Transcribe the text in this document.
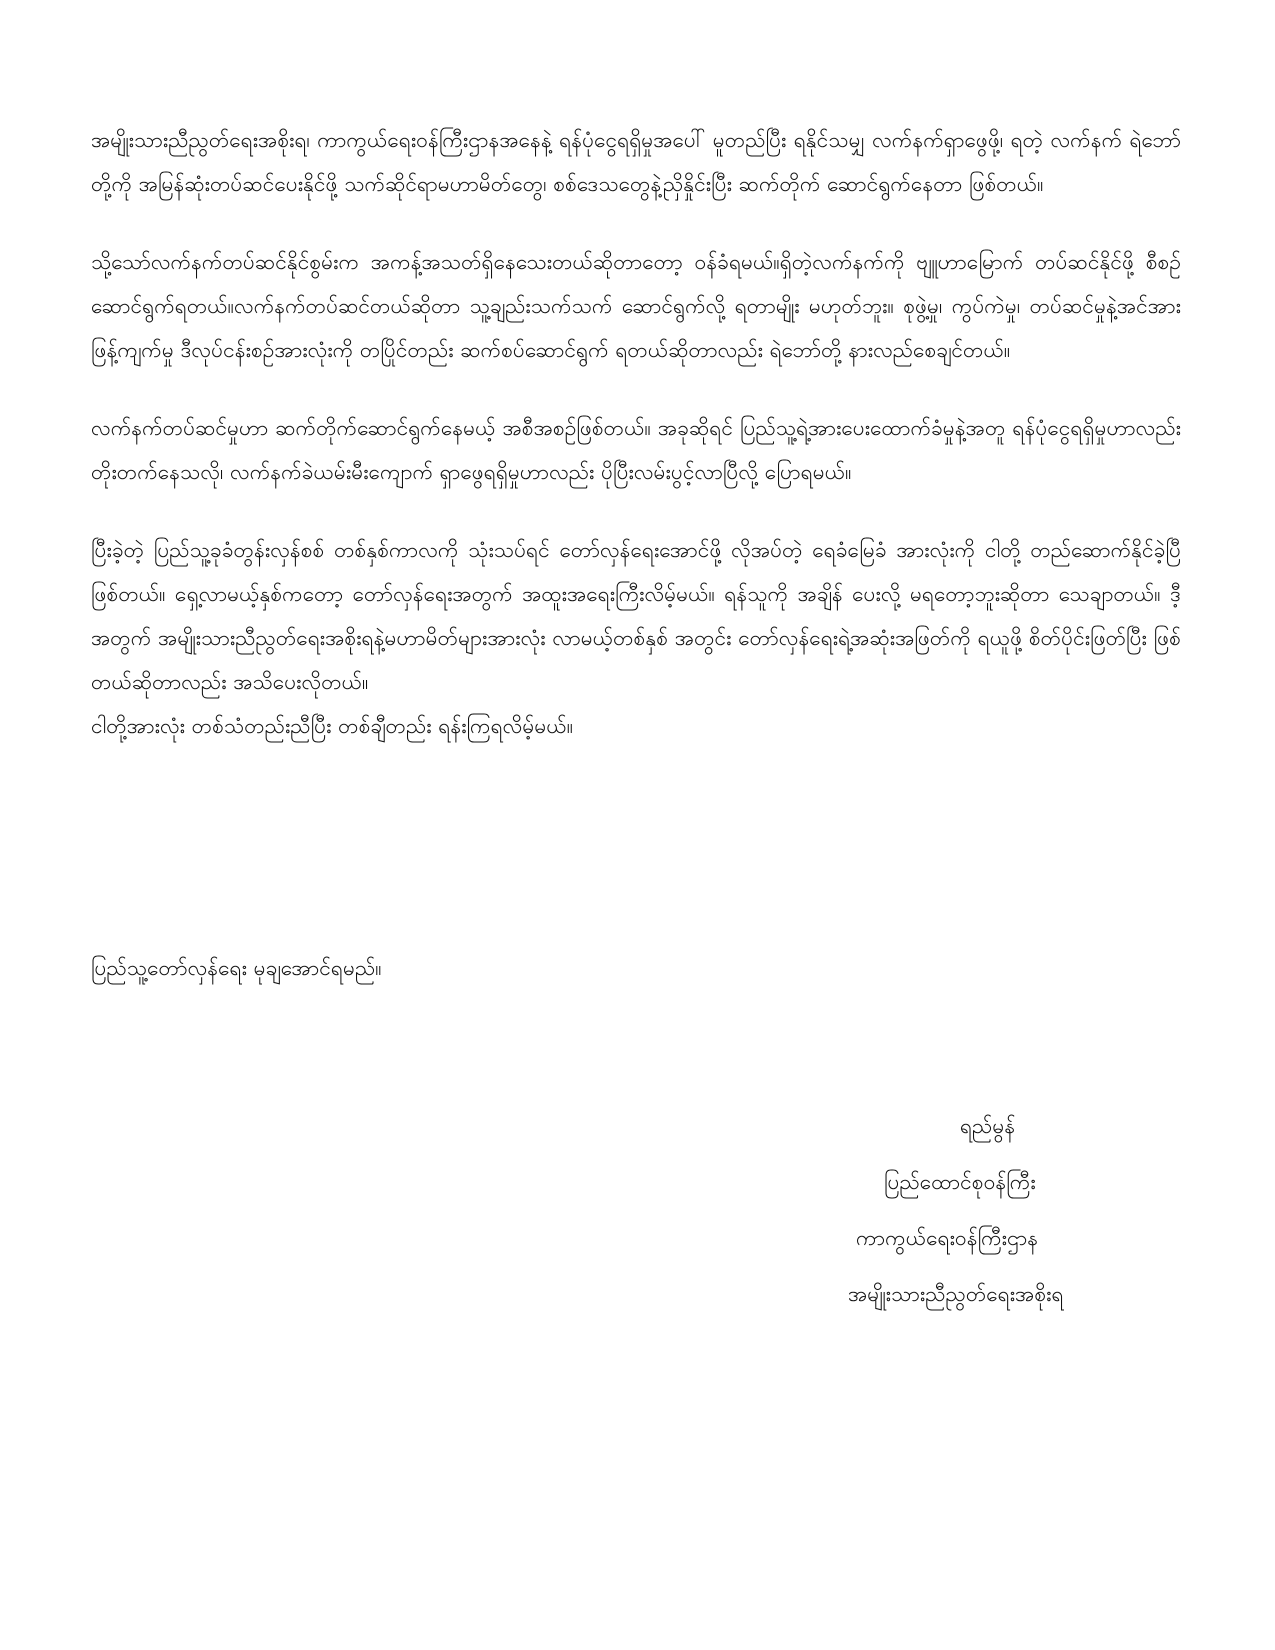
အမျိုးသားညီညွတ်ရေးအစိုးရ၊ ကာကွယ်ရေးဝန်ကြီးဌာနအနေနဲ့ ရန်ပုံငွေရရှိမှုအပေါ် မူတည်ပြီး ရနိုင်သမျှ လက်နက်ရှာဖွေဖို့၊ ရတဲ့ လက်နက် ရဲဘော်တို့ကို အမြန်ဆုံးတပ်ဆင်ပေးနိုင်ဖို့ သက်ဆိုင်ရာမဟာမိတ်တွေ၊ စစ်ဒေသတွေနဲ့ညှိနှိုင်းပြီး ဆက်တိုက် ဆောင်ရွက်နေတာ ဖြစ်တယ်။

သို့သော်လက်နက်တပ်ဆင်နိုင်စွမ်းက အကန့်အသတ်ရှိနေသေးတယ်ဆိုတာတော့ ဝန်ခံရမယ်။ရှိတဲ့လက်နက်ကို ဗျူဟာမြောက် တပ်ဆင်နိုင်ဖို့ စီစဉ်ဆောင်ရွက်ရတယ်။လက်နက်တပ်ဆင်တယ်ဆိုတာ သူ့ချည်းသက်သက် ဆောင်ရွက်လို့ ရတာမျိုး မဟုတ်ဘူး။ စုဖွဲ့မှု၊ ကွပ်ကဲမှု၊ တပ်ဆင်မှုနဲ့အင်အားဖြန့်ကျက်မှု ဒီလုပ်ငန်းစဉ်အားလုံးကို တပြိုင်တည်း ဆက်စပ်ဆောင်ရွက် ရတယ်ဆိုတာလည်း ရဲဘော်တို့ နားလည်စေချင်တယ်။

လက်နက်တပ်ဆင်မှုဟာ ဆက်တိုက်ဆောင်ရွက်နေမယ့် အစီအစဉ်ဖြစ်တယ်။ အခုဆိုရင် ပြည်သူ့ရဲ့အားပေးထောက်ခံမှုနဲ့အတူ ရန်ပုံငွေရရှိမှုဟာလည်း တိုးတက်နေသလို၊ လက်နက်ခဲယမ်းမီးကျောက် ရှာဖွေရရှိမှုဟာလည်း ပိုပြီးလမ်းပွင့်လာပြီလို့ ပြောရမယ်။

ပြီးခဲ့တဲ့ ပြည်သူ့ခုခံတွန်းလှန်စစ် တစ်နှစ်ကာလကို သုံးသပ်ရင် တော်လှန်ရေးအောင်ဖို့ လိုအပ်တဲ့ ရေခံမြေခံ အားလုံးကို ငါတို့ တည်ဆောက်နိုင်ခဲ့ပြီ ဖြစ်တယ်။ ရှေ့လာမယ့်နှစ်ကတော့ တော်လှန်ရေးအတွက် အထူးအရေးကြီးလိမ့်မယ်။ ရန်သူကို အချိန် ပေးလို့ မရတော့ဘူးဆိုတာ သေချာတယ်။ ဒီ့အတွက် အမျိုးသားညီညွတ်ရေးအစိုးရနဲ့မဟာမိတ်များအားလုံး လာမယ့်တစ်နှစ် အတွင်း တော်လှန်ရေးရဲ့အဆုံးအဖြတ်ကို ရယူဖို့ စိတ်ပိုင်းဖြတ်ပြီး ဖြစ်တယ်ဆိုတာလည်း အသိပေးလိုတယ်။

ငါတို့အားလုံး တစ်သံတည်းညီပြီး တစ်ချီတည်း ရန်းကြရလိမ့်မယ်။

ပြည်သူ့တော်လှန်ရေး မုချအောင်ရမည်။

ရည်မွန်
ပြည်ထောင်စုဝန်ကြီး
ကာကွယ်ရေးဝန်ကြီးဌာန
အမျိုးသားညီညွတ်ရေးအစိုးရ
